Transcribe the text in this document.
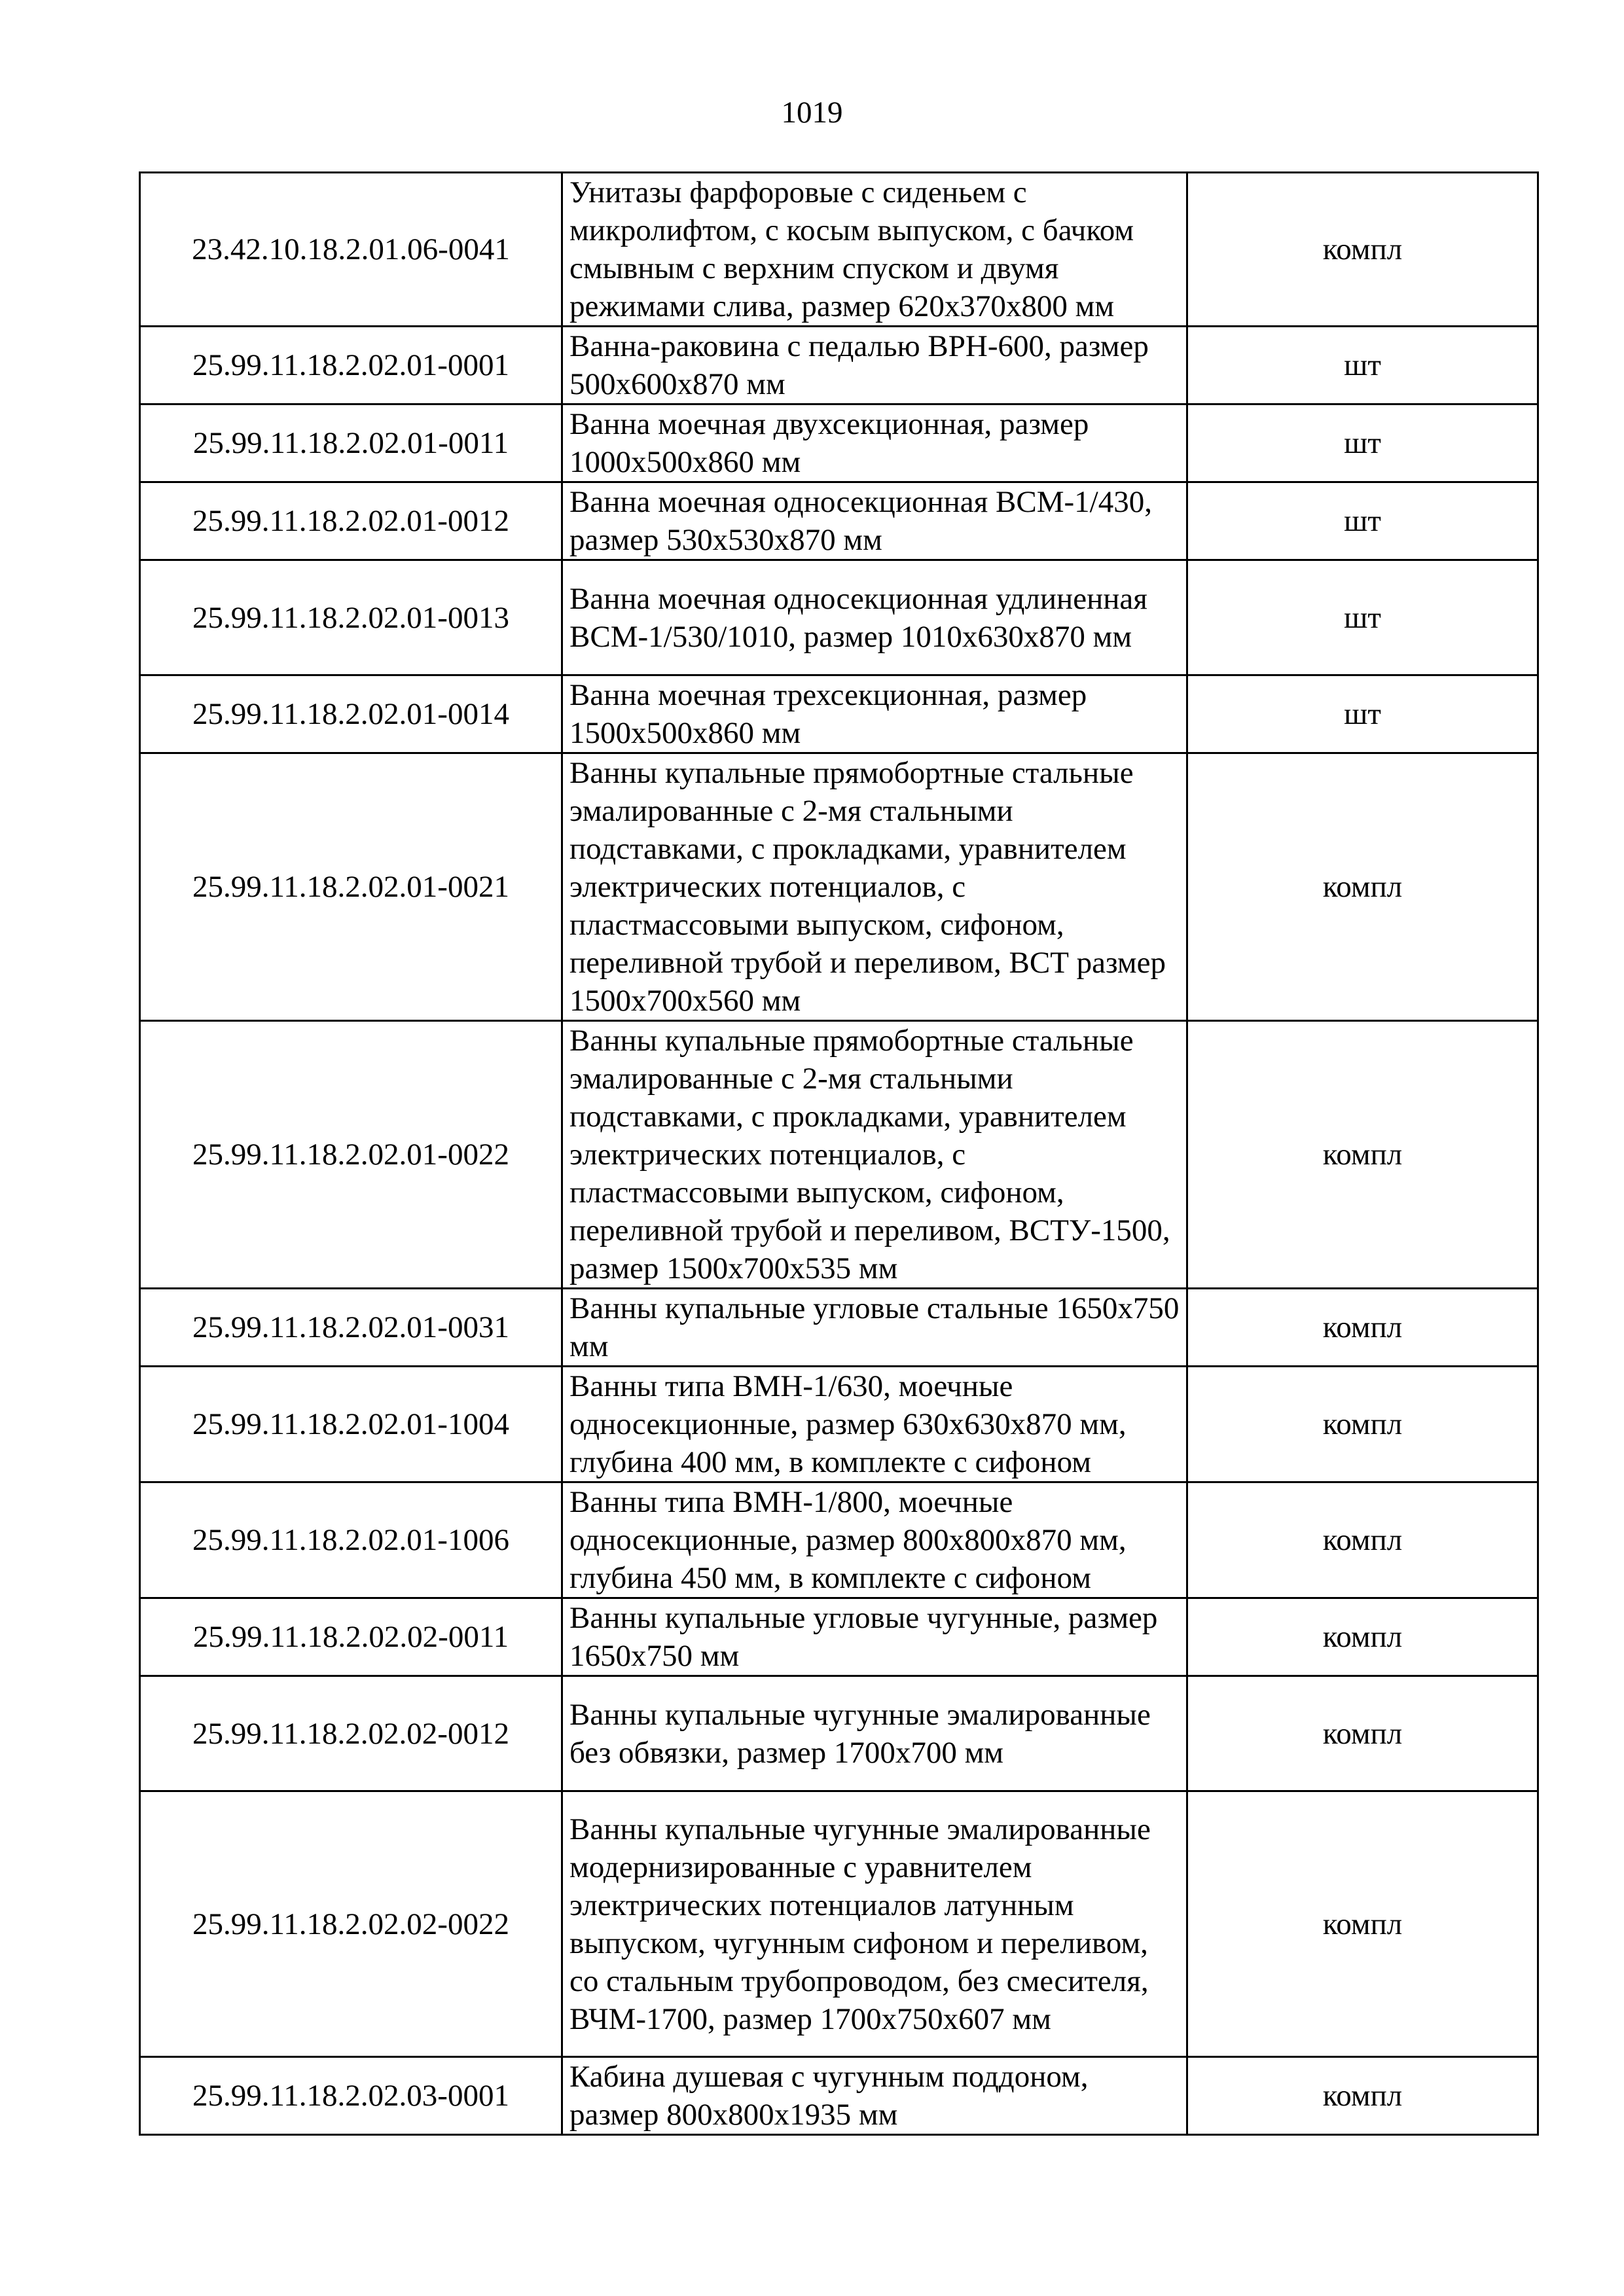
1019
23.42.10.18.2.01.06-0041	Унитазы фарфоровые с сиденьем с микролифтом, с косым выпуском, с бачком смывным с верхним спуском и двумя режимами слива, размер 620х370х800 мм	компл
25.99.11.18.2.02.01-0001	Ванна-раковина с педалью ВРН-600, размер 500х600х870 мм	шт
25.99.11.18.2.02.01-0011	Ванна моечная двухсекционная, размер 1000х500х860 мм	шт
25.99.11.18.2.02.01-0012	Ванна моечная односекционная ВСМ-1/430, размер 530х530х870 мм	шт
25.99.11.18.2.02.01-0013	Ванна моечная односекционная удлиненная ВСМ-1/530/1010, размер 1010х630х870 мм	шт
25.99.11.18.2.02.01-0014	Ванна моечная трехсекционная, размер 1500х500х860 мм	шт
25.99.11.18.2.02.01-0021	Ванны купальные прямобортные стальные эмалированные с 2-мя стальными подставками, с прокладками, уравнителем электрических потенциалов, с пластмассовыми выпуском, сифоном, переливной трубой и переливом, ВСТ размер 1500х700х560 мм	компл
25.99.11.18.2.02.01-0022	Ванны купальные прямобортные стальные эмалированные с 2-мя стальными подставками, с прокладками, уравнителем электрических потенциалов, с пластмассовыми выпуском, сифоном, переливной трубой и переливом, ВСТУ-1500, размер 1500х700х535 мм	компл
25.99.11.18.2.02.01-0031	Ванны купальные угловые стальные 1650х750 мм	компл
25.99.11.18.2.02.01-1004	Ванны типа ВМН-1/630, моечные односекционные, размер 630х630х870 мм, глубина 400 мм, в комплекте с сифоном	компл
25.99.11.18.2.02.01-1006	Ванны типа ВМН-1/800, моечные односекционные, размер 800х800х870 мм, глубина 450 мм, в комплекте с сифоном	компл
25.99.11.18.2.02.02-0011	Ванны купальные угловые чугунные, размер 1650х750 мм	компл
25.99.11.18.2.02.02-0012	Ванны купальные чугунные эмалированные без обвязки, размер 1700х700 мм	компл
25.99.11.18.2.02.02-0022	Ванны купальные чугунные эмалированные модернизированные с уравнителем электрических потенциалов латунным выпуском, чугунным сифоном и переливом, со стальным трубопроводом, без смесителя, ВЧМ-1700, размер 1700х750х607 мм	компл
25.99.11.18.2.02.03-0001	Кабина душевая с чугунным поддоном, размер 800х800х1935 мм	компл
